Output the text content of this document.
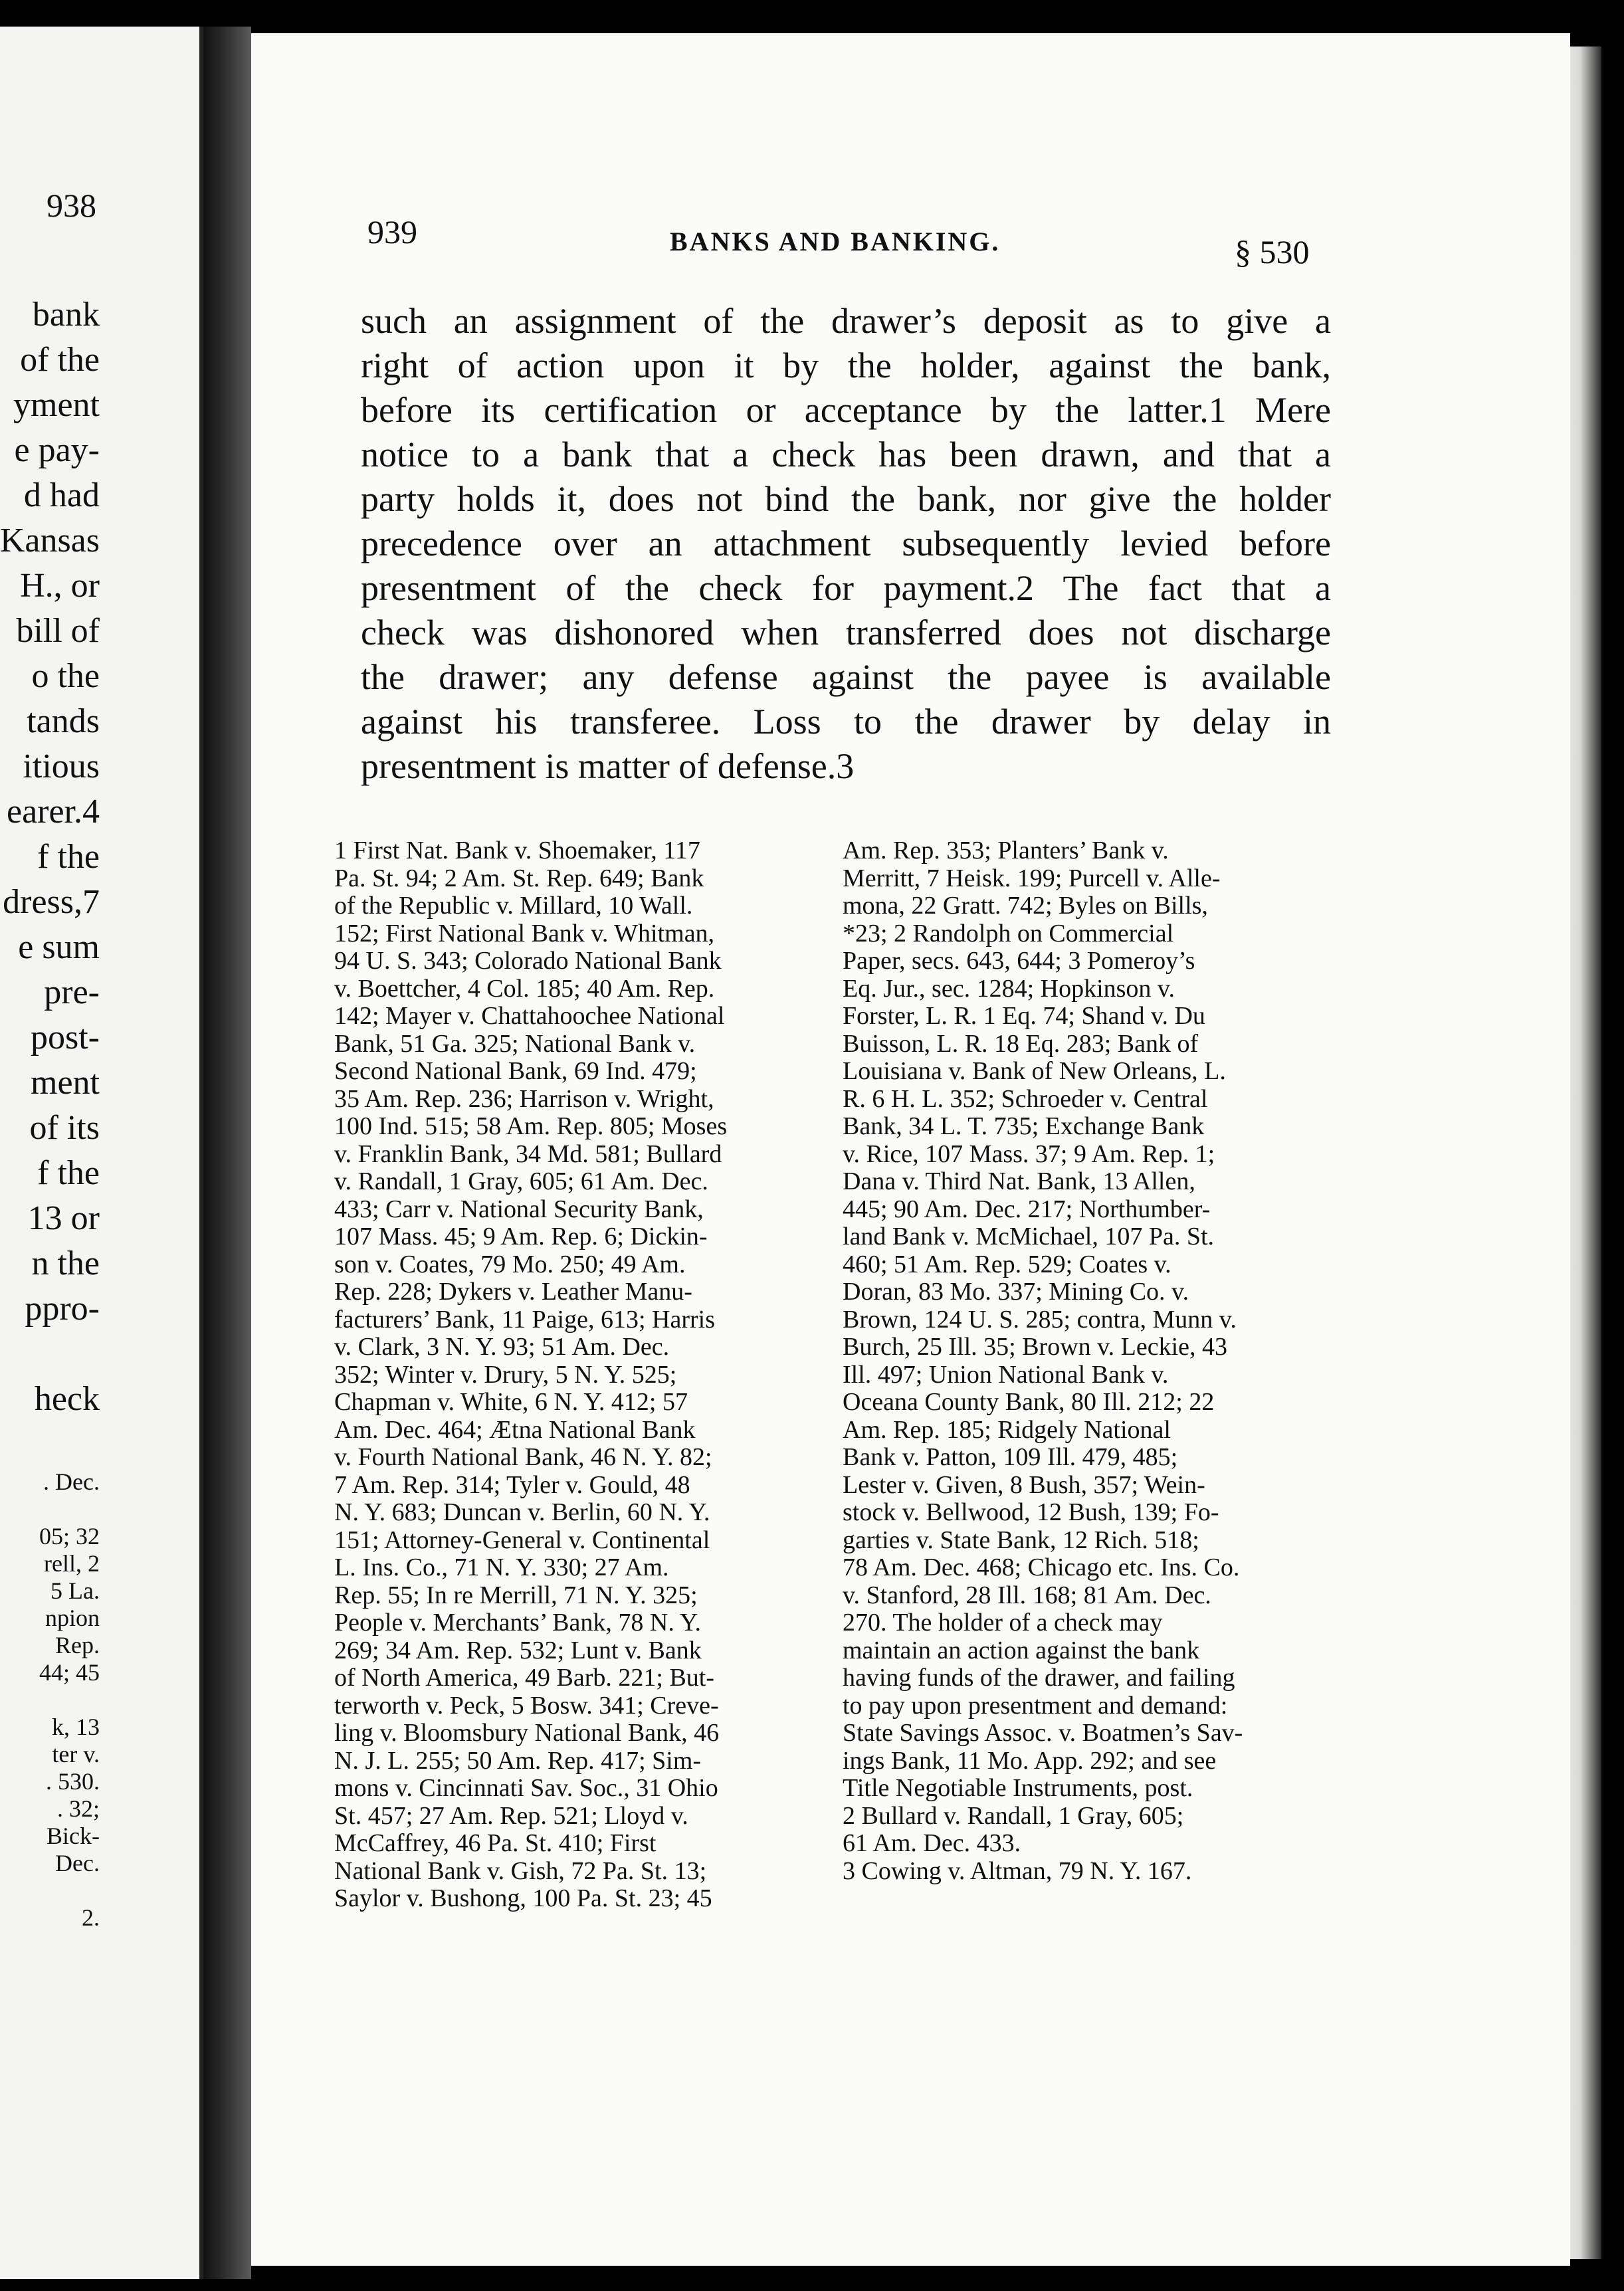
938
bank
of the
yment
e pay-
d had
Kansas
H., or
bill of
o the
tands
itious
earer.4
f the
dress,7
e sum
pre-
post-
ment
of its
f the
13 or
n the
ppro-

heck
. Dec.

05; 32
rell, 2
5 La.
npion
Rep.
44; 45

k, 13
ter v.
. 530.
. 32;
Bick-
Dec.

2.
939	BANKS AND BANKING.	§ 530
such an assignment of the drawer’s deposit as to give a
right of action upon it by the holder, against the bank,
before its certification or acceptance by the latter.1 Mere
notice to a bank that a check has been drawn, and that a
party holds it, does not bind the bank, nor give the holder
precedence over an attachment subsequently levied before
presentment of the check for payment.2 The fact that a
check was dishonored when transferred does not discharge
the drawer; any defense against the payee is available
against his transferee. Loss to the drawer by delay in
presentment is matter of defense.3
1 First Nat. Bank v. Shoemaker, 117
Pa. St. 94; 2 Am. St. Rep. 649; Bank
of the Republic v. Millard, 10 Wall.
152; First National Bank v. Whitman,
94 U. S. 343; Colorado National Bank
v. Boettcher, 4 Col. 185; 40 Am. Rep.
142; Mayer v. Chattahoochee National
Bank, 51 Ga. 325; National Bank v.
Second National Bank, 69 Ind. 479;
35 Am. Rep. 236; Harrison v. Wright,
100 Ind. 515; 58 Am. Rep. 805; Moses
v. Franklin Bank, 34 Md. 581; Bullard
v. Randall, 1 Gray, 605; 61 Am. Dec.
433; Carr v. National Security Bank,
107 Mass. 45; 9 Am. Rep. 6; Dickin-
son v. Coates, 79 Mo. 250; 49 Am.
Rep. 228; Dykers v. Leather Manu-
facturers’ Bank, 11 Paige, 613; Harris
v. Clark, 3 N. Y. 93; 51 Am. Dec.
352; Winter v. Drury, 5 N. Y. 525;
Chapman v. White, 6 N. Y. 412; 57
Am. Dec. 464; Ætna National Bank
v. Fourth National Bank, 46 N. Y. 82;
7 Am. Rep. 314; Tyler v. Gould, 48
N. Y. 683; Duncan v. Berlin, 60 N. Y.
151; Attorney-General v. Continental
L. Ins. Co., 71 N. Y. 330; 27 Am.
Rep. 55; In re Merrill, 71 N. Y. 325;
People v. Merchants’ Bank, 78 N. Y.
269; 34 Am. Rep. 532; Lunt v. Bank
of North America, 49 Barb. 221; But-
terworth v. Peck, 5 Bosw. 341; Creve-
ling v. Bloomsbury National Bank, 46
N. J. L. 255; 50 Am. Rep. 417; Sim-
mons v. Cincinnati Sav. Soc., 31 Ohio
St. 457; 27 Am. Rep. 521; Lloyd v.
McCaffrey, 46 Pa. St. 410; First
National Bank v. Gish, 72 Pa. St. 13;
Saylor v. Bushong, 100 Pa. St. 23; 45
Am. Rep. 353; Planters’ Bank v.
Merritt, 7 Heisk. 199; Purcell v. Alle-
mona, 22 Gratt. 742; Byles on Bills,
*23; 2 Randolph on Commercial
Paper, secs. 643, 644; 3 Pomeroy’s
Eq. Jur., sec. 1284; Hopkinson v.
Forster, L. R. 1 Eq. 74; Shand v. Du
Buisson, L. R. 18 Eq. 283; Bank of
Louisiana v. Bank of New Orleans, L.
R. 6 H. L. 352; Schroeder v. Central
Bank, 34 L. T. 735; Exchange Bank
v. Rice, 107 Mass. 37; 9 Am. Rep. 1;
Dana v. Third Nat. Bank, 13 Allen,
445; 90 Am. Dec. 217; Northumber-
land Bank v. McMichael, 107 Pa. St.
460; 51 Am. Rep. 529; Coates v.
Doran, 83 Mo. 337; Mining Co. v.
Brown, 124 U. S. 285; contra, Munn v.
Burch, 25 Ill. 35; Brown v. Leckie, 43
Ill. 497; Union National Bank v.
Oceana County Bank, 80 Ill. 212; 22
Am. Rep. 185; Ridgely National
Bank v. Patton, 109 Ill. 479, 485;
Lester v. Given, 8 Bush, 357; Wein-
stock v. Bellwood, 12 Bush, 139; Fo-
garties v. State Bank, 12 Rich. 518;
78 Am. Dec. 468; Chicago etc. Ins. Co.
v. Stanford, 28 Ill. 168; 81 Am. Dec.
270. The holder of a check may
maintain an action against the bank
having funds of the drawer, and failing
to pay upon presentment and demand:
State Savings Assoc. v. Boatmen’s Sav-
ings Bank, 11 Mo. App. 292; and see
Title Negotiable Instruments, post.
2 Bullard v. Randall, 1 Gray, 605;
61 Am. Dec. 433.
3 Cowing v. Altman, 79 N. Y. 167.
